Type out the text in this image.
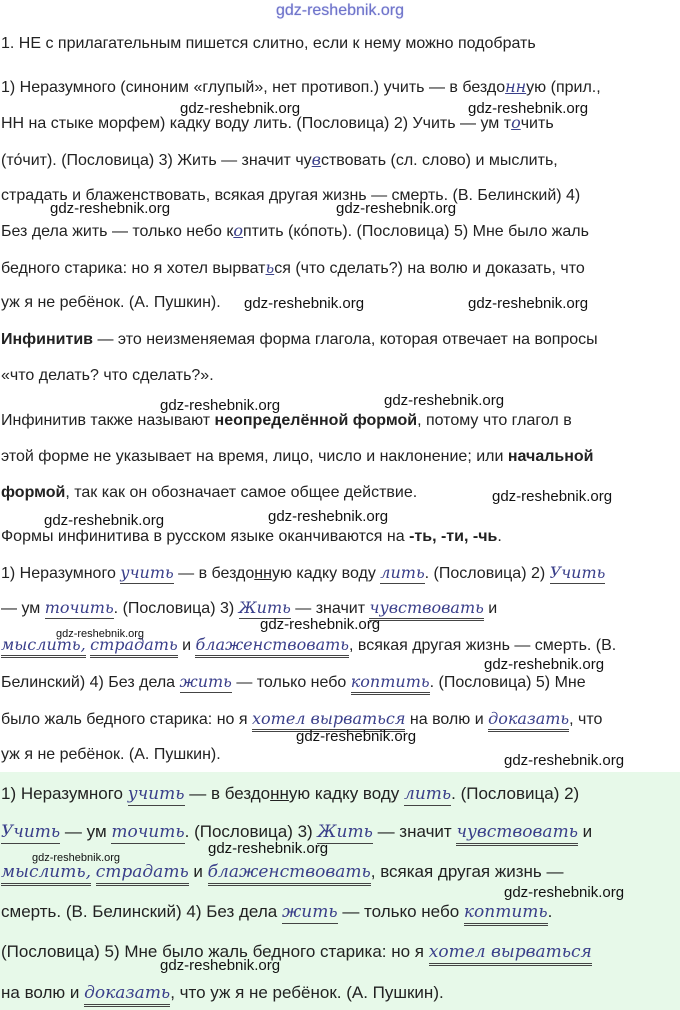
gdz-reshebnik.org
1. НЕ с прилагательным пишется слитно, если к нему можно подобрать
1) Неразумного (синоним «глупый», нет противоп.) учить — в бездонную (прил.,
НН на стыке морфем) кадку воду лить. (Пословица) 2) Учить — ум точить
(то́чит). (Пословица) 3) Жить — значит чувствовать (сл. слово) и мыслить,
страдать и блаженствовать, всякая другая жизнь — смерть. (В. Белинский) 4)
Без дела жить — только небо коптить (ко́поть). (Пословица) 5) Мне было жаль
бедного старика: но я хотел вырваться (что сделать?) на волю и доказать, что
уж я не ребёнок. (А. Пушкин).
Инфинитив — это неизменяемая форма глагола, которая отвечает на вопросы
«что делать? что сделать?».
Инфинитив также называют неопределённой формой, потому что глагол в
этой форме не указывает на время, лицо, число и наклонение; или начальной
формой, так как он обозначает самое общее действие.
Формы инфинитива в русском языке оканчиваются на -ть, -ти, -чь.
1) Неразумного учить — в бездонную кадку воду лить. (Пословица) 2) Учить
— ум точить. (Пословица) 3) Жить — значит чувствовать и
мыслить, страдать и блаженствовать, всякая другая жизнь — смерть. (В.
Белинский) 4) Без дела жить — только небо коптить. (Пословица) 5) Мне
было жаль бедного старика: но я хотел вырваться на волю и доказать, что
уж я не ребёнок. (А. Пушкин).
1) Неразумного учить — в бездонную кадку воду лить. (Пословица) 2)
Учить — ум точить. (Пословица) 3) Жить — значит чувствовать и
мыслить, страдать и блаженствовать, всякая другая жизнь —
смерть. (В. Белинский) 4) Без дела жить — только небо коптить.
(Пословица) 5) Мне было жаль бедного старика: но я хотел вырваться
на волю и доказать, что уж я не ребёнок. (А. Пушкин).
gdz-reshebnik.org	gdz-reshebnik.org
gdz-reshebnik.org	gdz-reshebnik.org
gdz-reshebnik.org	gdz-reshebnik.org
gdz-reshebnik.org
gdz-reshebnik.org
gdz-reshebnik.org
gdz-reshebnik.org	gdz-reshebnik.org
gdz-reshebnik.org
gdz-reshebnik.org
gdz-reshebnik.org
gdz-reshebnik.org
gdz-reshebnik.org
gdz-reshebnik.org
gdz-reshebnik.org
gdz-reshebnik.org
gdz-reshebnik.org
